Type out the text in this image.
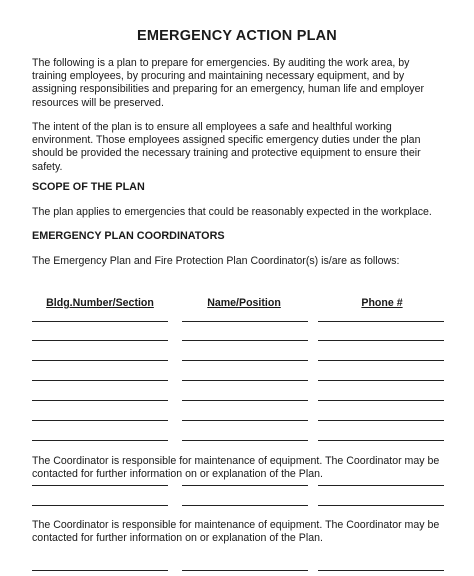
EMERGENCY ACTION PLAN

The following is a plan to prepare for emergencies. By auditing the work area, by training employees, by procuring and maintaining necessary equipment, and by assigning responsibilities and preparing for an emergency, human life and employer resources will be preserved.

The intent of the plan is to ensure all employees a safe and healthful working environment. Those employees assigned specific emergency duties under the plan should be provided the necessary training and protective equipment to ensure their safety.

SCOPE OF THE PLAN

The plan applies to emergencies that could be reasonably expected in the workplace.

EMERGENCY PLAN COORDINATORS

The Emergency Plan and Fire Protection Plan Coordinator(s) is/are as follows:

Bldg.Number/Section	Name/Position	Phone #

The Coordinator is responsible for maintenance of equipment. The Coordinator may be contacted for further information on or explanation of the Plan.

The Coordinator is responsible for maintenance of equipment. The Coordinator may be contacted for further information on or explanation of the Plan.
